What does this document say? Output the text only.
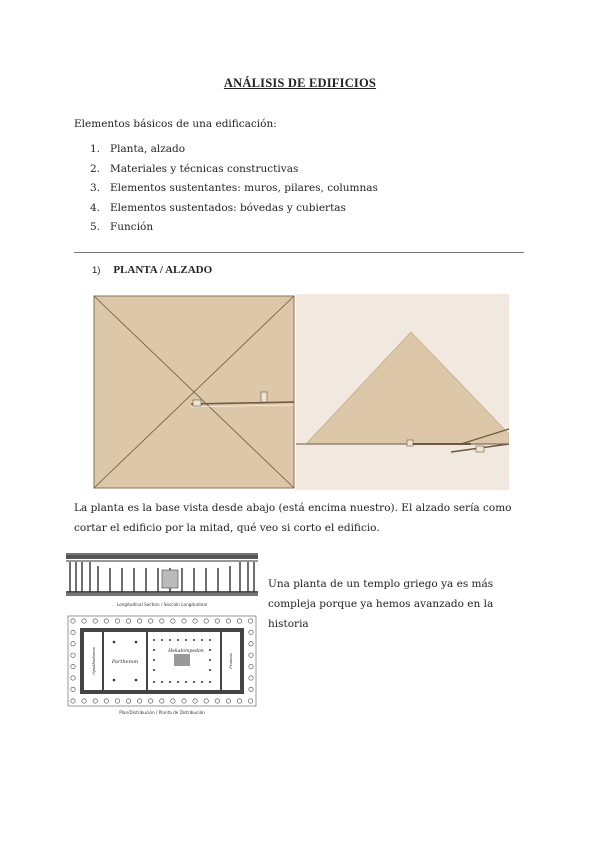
ANÁLISIS DE EDIFICIOS
Elementos básicos de una edificación:
1. Planta, alzado
2. Materiales y técnicas constructivas
3. Elementos sustentantes: muros, pilares, columnas
4. Elementos sustentados: bóvedas y cubiertas
5. Función
1) PLANTA / ALZADO
La planta es la base vista desde abajo (está encima nuestro). El alzado sería como cortar el edificio por la mitad, qué veo si corto el edificio.
Longitudinal Section / Sección Longitudinal
Parthenon
Hekatompedon
Opisthodomos	Pronaos
Plan/Distribución / Planta de Distribución
Una planta de un templo griego ya es más compleja porque ya hemos avanzado en la historia
